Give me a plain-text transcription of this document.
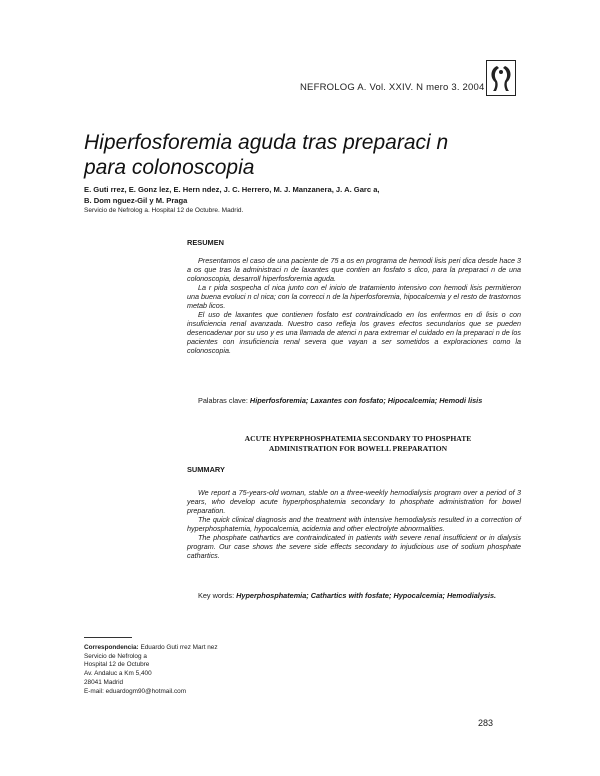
NEFROLOG A. Vol. XXIV. N mero 3. 2004
Hiperfosforemia aguda tras preparaci n
para colonoscopia
E. Guti rrez, E. Gonz lez, E. Hern ndez, J. C. Herrero, M. J. Manzanera, J. A. Garc a,
B. Dom nguez-Gil y M. Praga
Servicio de Nefrolog a. Hospital 12 de Octubre. Madrid.
RESUMEN

Presentamos el caso de una paciente de 75 a os en programa de hemodi lisis peri dica desde hace 3 a os que tras la administraci n de laxantes que contien an fosfato s dico, para la preparaci n de una colonoscopia, desarroll hiperfosforemia aguda.

La r pida sospecha cl nica junto con el inicio de tratamiento intensivo con hemodi lisis permitieron una buena evoluci n cl nica; con la correcci n de la hiperfosforemia, hipocalcemia y el resto de trastornos metab licos.

El uso de laxantes que contienen fosfato est contraindicado en los enfermos en di lisis o con insuficiencia renal avanzada. Nuestro caso refleja los graves efectos secundarios que se pueden desencadenar por su uso y es una llamada de atenci n para extremar el cuidado en la preparaci n de los pacientes con insuficiencia renal severa que vayan a ser sometidos a exploraciones como la colonoscopia.

Palabras clave: Hiperfosforemia; Laxantes con fosfato; Hipocalcemia; Hemodi lisis
ACUTE HYPERPHOSPHATEMIA SECONDARY TO PHOSPHATE
ADMINISTRATION FOR BOWELL PREPARATION
SUMMARY

We report a 75-years-old woman, stable on a three-weekly hemodialysis program over a period of 3 years, who develop acute hyperphosphatemia secondary to phosphate administration for bowel preparation.

The quick clinical diagnosis and the treatment with intensive hemodialysis resulted in a correction of hyperphosphatemia, hypocalcemia, acidemia and other electrolyte abnormalities.

The phosphate cathartics are contraindicated in patients with severe renal insufficient or in dialysis program. Our case shows the severe side effects secondary to injudicious use of sodium phosphate cathartics.

Key words: Hyperphosphatemia; Cathartics with fosfate; Hypocalcemia; Hemodialysis.
Correspondencia: Eduardo Guti rrez Mart nez
Servicio de Nefrolog a
Hospital 12 de Octubre
Av. Andaluc a Km 5,400
28041 Madrid
E-mail: eduardogm90@hotmail.com
283
